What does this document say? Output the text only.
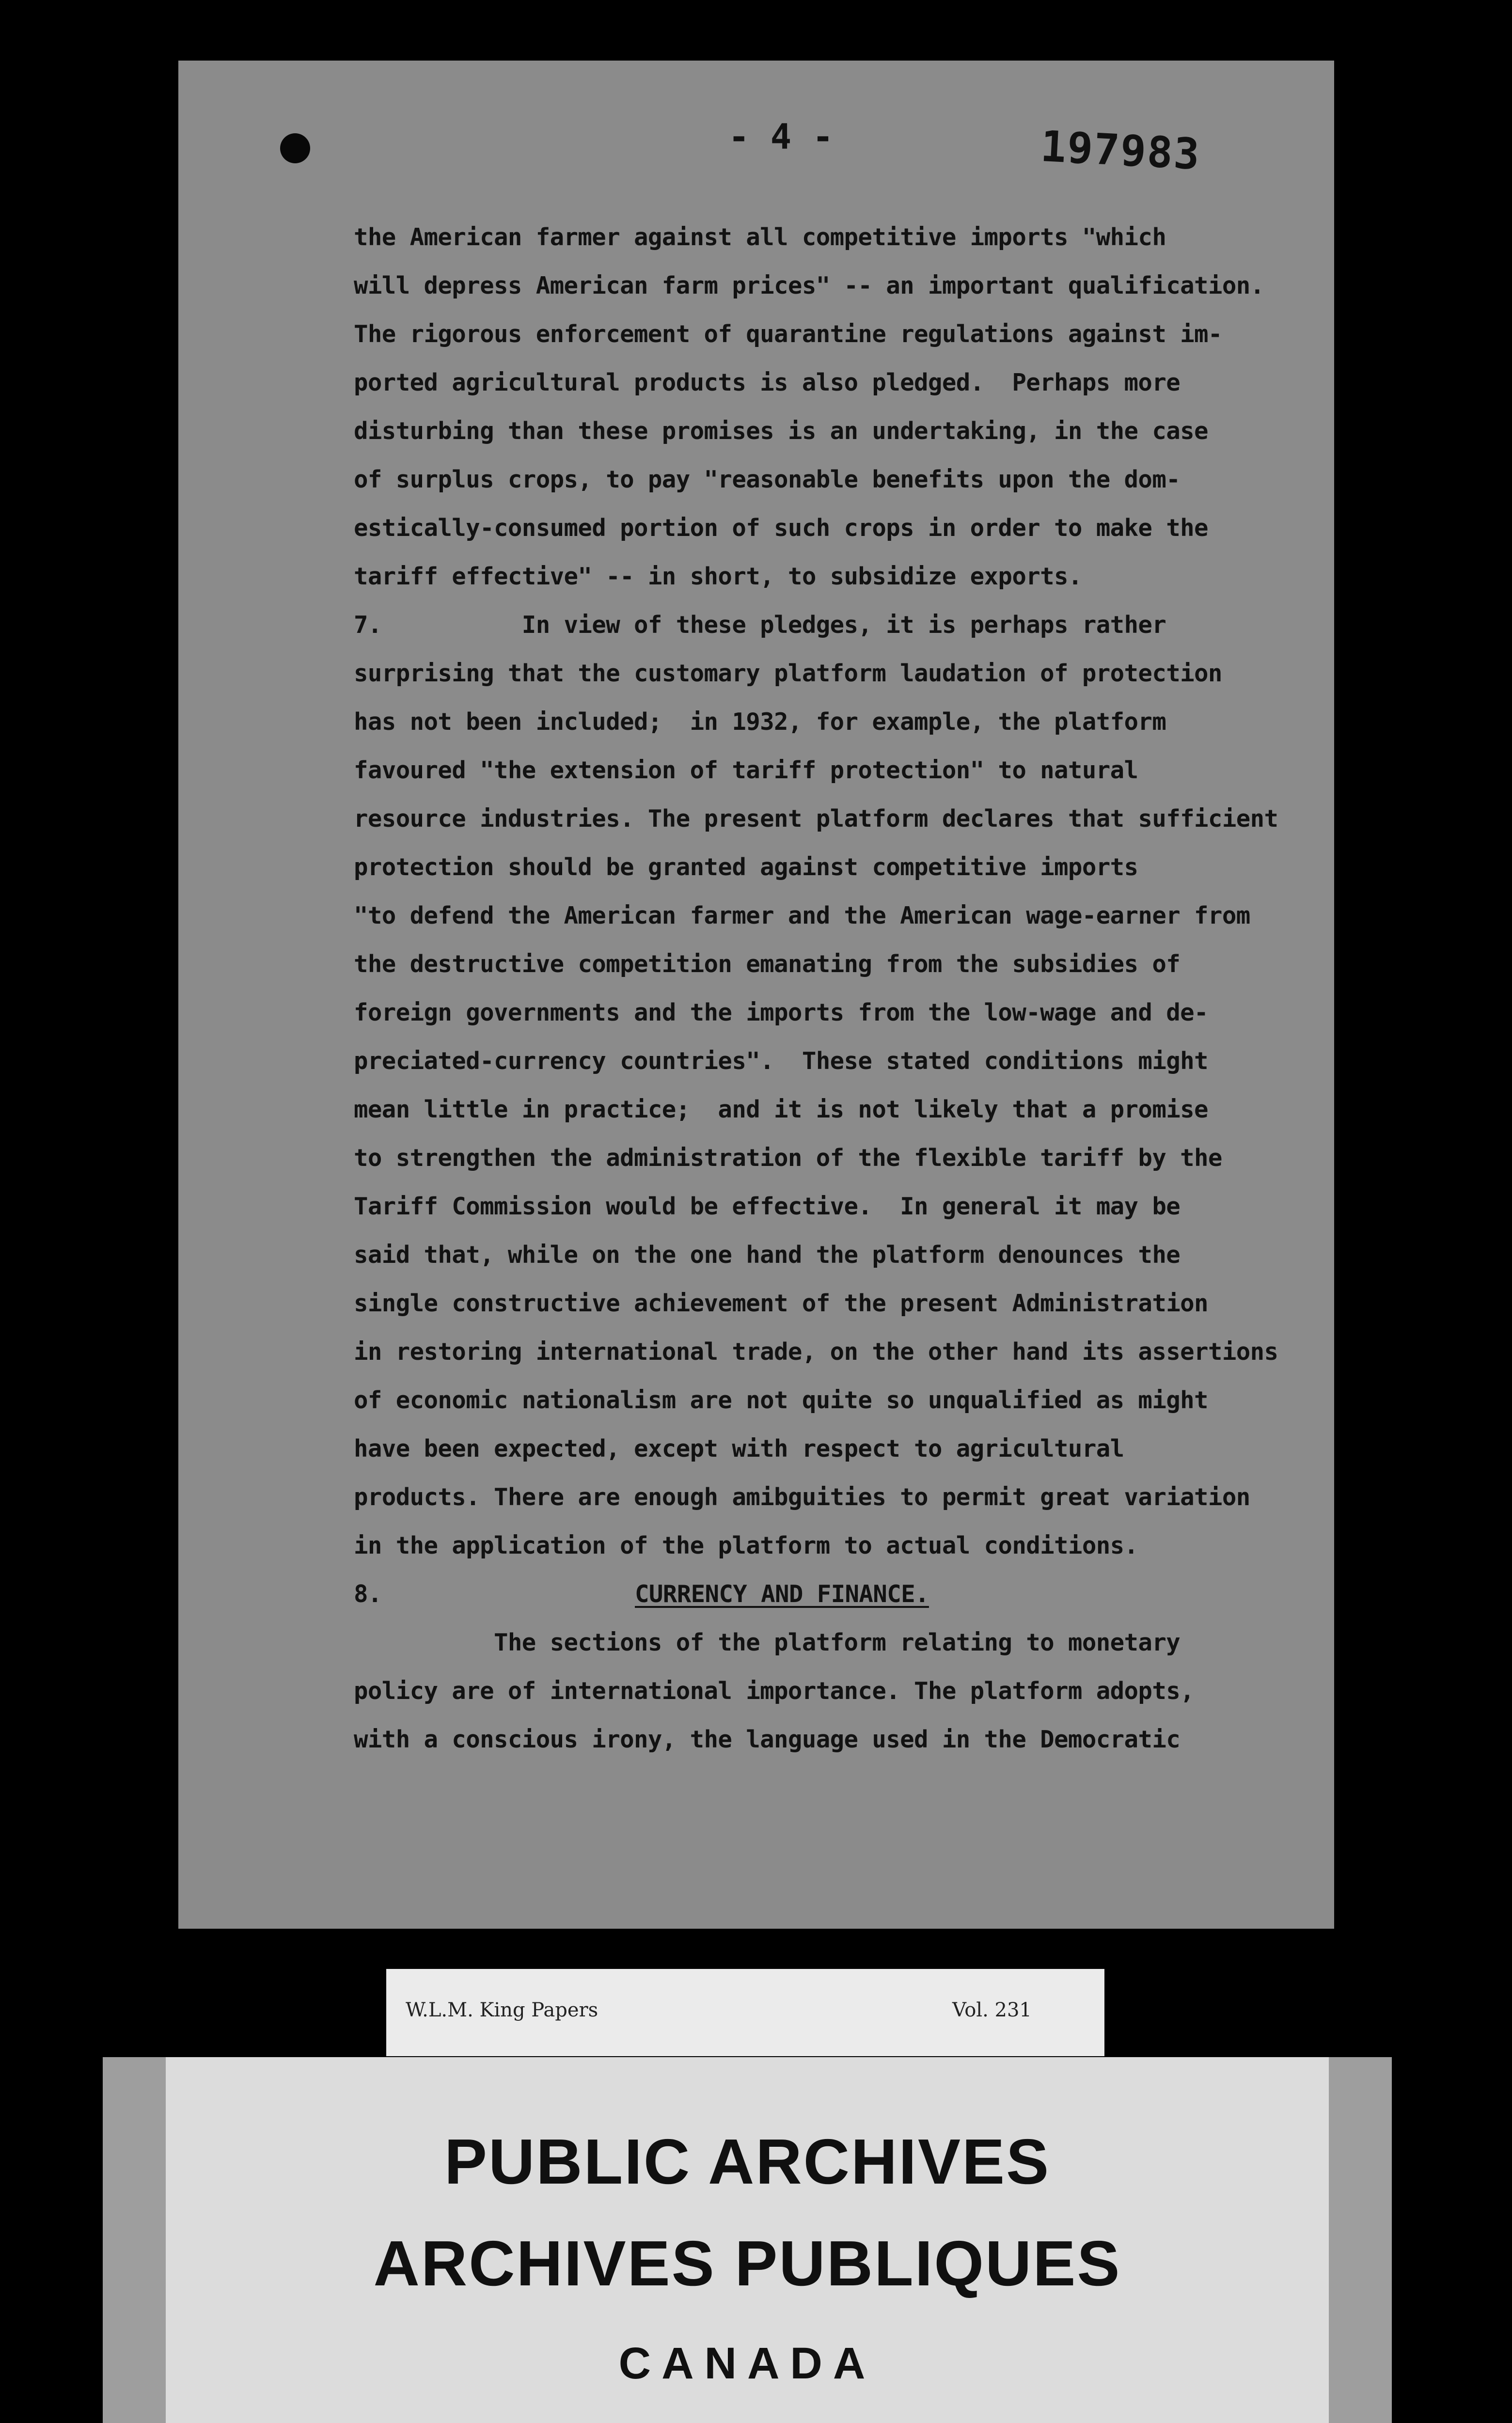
- 4 -	197983
the American farmer against all competitive imports "which
will depress American farm prices" -- an important qualification.
The rigorous enforcement of quarantine regulations against im-
ported agricultural products is also pledged.  Perhaps more
disturbing than these promises is an undertaking, in the case
of surplus crops, to pay "reasonable benefits upon the dom-
estically-consumed portion of such crops in order to make the
tariff effective" -- in short, to subsidize exports.
7.          In view of these pledges, it is perhaps rather
surprising that the customary platform laudation of protection
has not been included;  in 1932, for example, the platform
favoured "the extension of tariff protection" to natural
resource industries. The present platform declares that sufficient
protection should be granted against competitive imports
"to defend the American farmer and the American wage-earner from
the destructive competition emanating from the subsidies of
foreign governments and the imports from the low-wage and de-
preciated-currency countries".  These stated conditions might
mean little in practice;  and it is not likely that a promise
to strengthen the administration of the flexible tariff by the
Tariff Commission would be effective.  In general it may be
said that, while on the one hand the platform denounces the
single constructive achievement of the present Administration
in restoring international trade, on the other hand its assertions
of economic nationalism are not quite so unqualified as might
have been expected, except with respect to agricultural
products. There are enough amibguities to permit great variation
in the application of the platform to actual conditions.
8.	CURRENCY AND FINANCE.
The sections of the platform relating to monetary
policy are of international importance. The platform adopts,
with a conscious irony, the language used in the Democratic
W.L.M. King Papers	Vol. 231
PUBLIC ARCHIVES
ARCHIVES PUBLIQUES
CANADA
